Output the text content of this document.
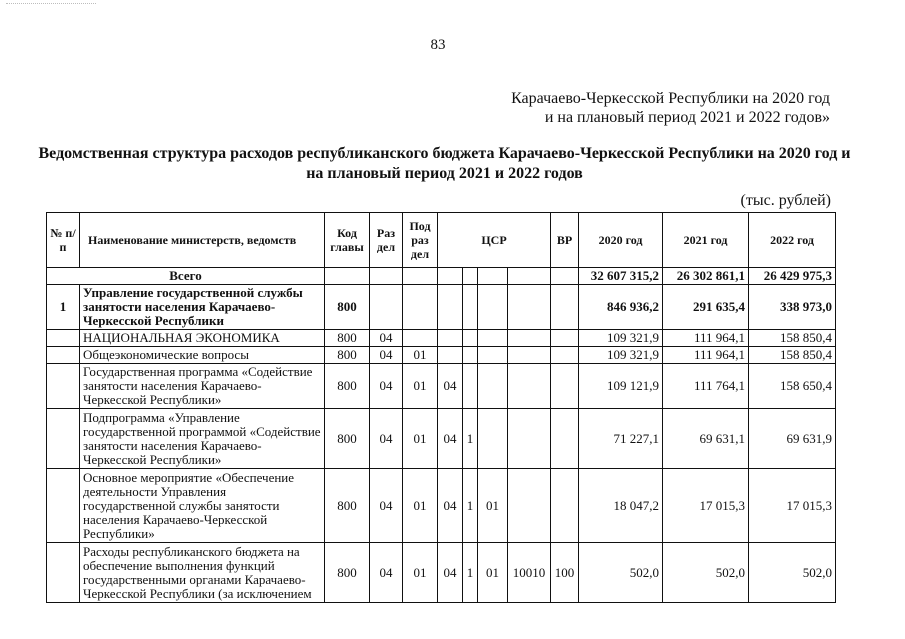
83
Карачаево-Черкесской Республики на 2020 год
и на плановый период 2021 и 2022 годов»
Ведомственная структура расходов республиканского бюджета Карачаево-Черкесской Республики на 2020 год и
на плановый период 2021 и 2022 годов
(тыс. рублей)
№ п/п	Наименование министерств, ведомств	Код главы	Раз дел	Под раз дел	ЦСР				ВР	2020 год	2021 год	2022 год
Всего										32 607 315,2	26 302 861,1	26 429 975,3
1	Управление государственной службы занятости населения Карачаево-Черкесской Республики	800								846 936,2	291 635,4	338 973,0
	НАЦИОНАЛЬНАЯ ЭКОНОМИКА	800	04							109 321,9	111 964,1	158 850,4
	Общеэкономические вопросы	800	04	01						109 321,9	111 964,1	158 850,4
	Государственная программа «Содействие занятости населения Карачаево-Черкесской Республики»	800	04	01	04					109 121,9	111 764,1	158 650,4
	Подпрограмма «Управление государственной программой «Содействие занятости населения Карачаево-Черкесской Республики»	800	04	01	04	1				71 227,1	69 631,1	69 631,9
	Основное мероприятие «Обеспечение деятельности Управления государственной службы занятости населения Карачаево-Черкесской Республики»	800	04	01	04	1	01			18 047,2	17 015,3	17 015,3
	Расходы республиканского бюджета на обеспечение выполнения функций государственными органами Карачаево-Черкесской Республики (за исключением	800	04	01	04	1	01	10010	100	502,0	502,0	502,0
